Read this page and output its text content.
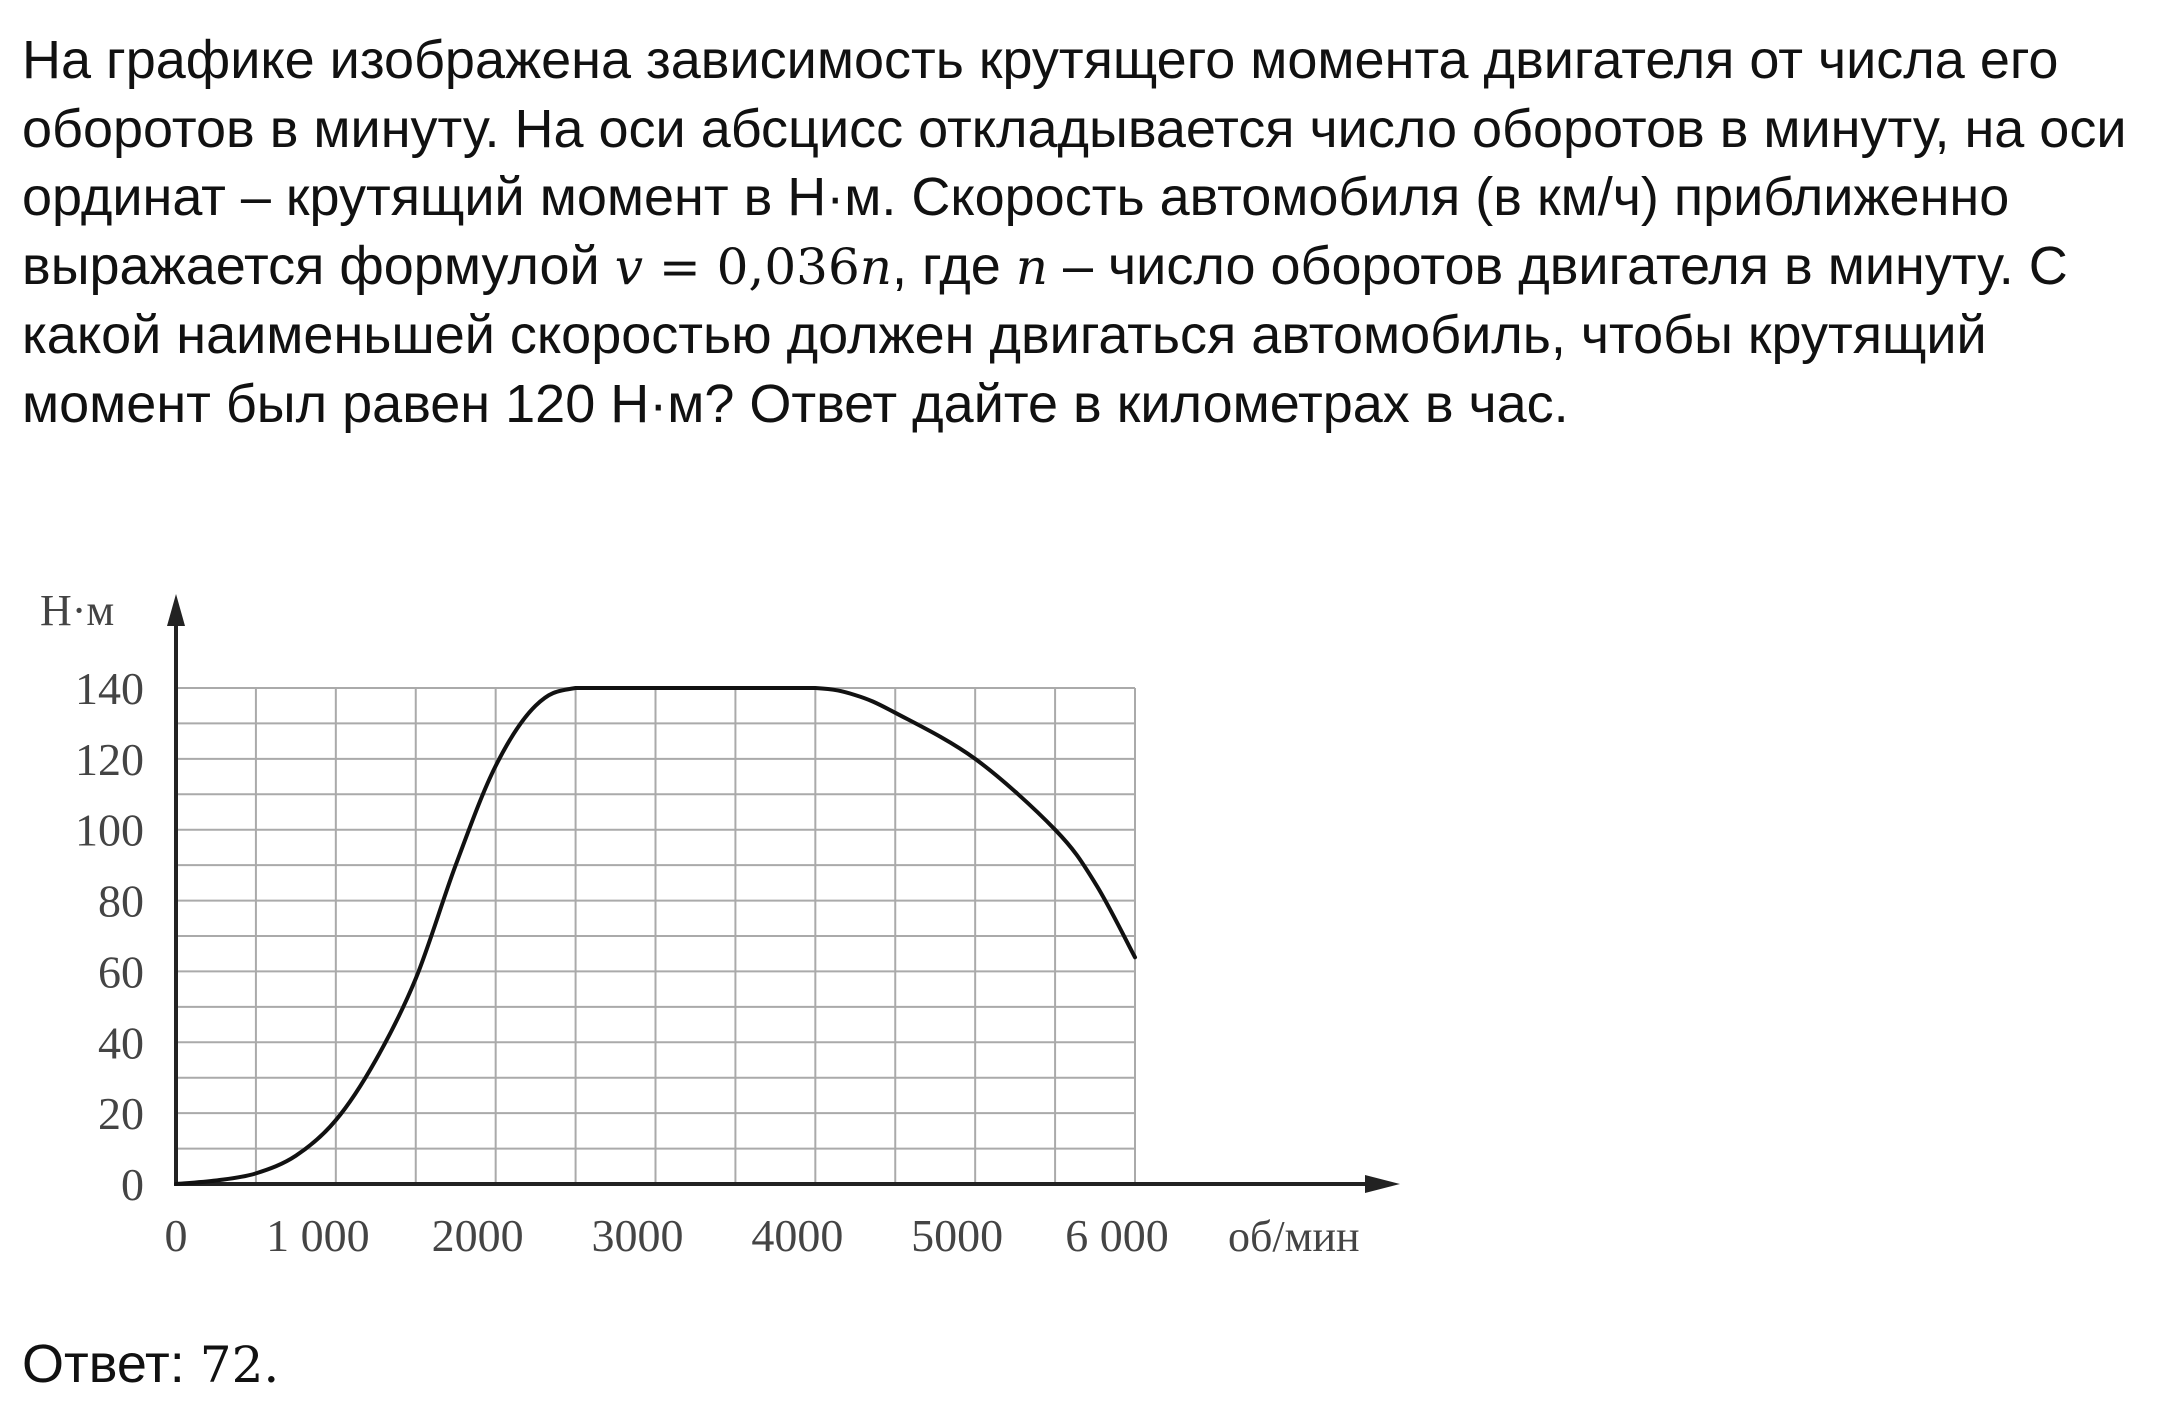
На графике изображена зависимость крутящего момента двигателя от числа его оборотов в минуту. На оси абсцисс откладывается число оборотов в минуту, на оси ординат – крутящий момент в Н·м. Скорость автомобиля (в км/ч) приближенно выражается формулой v = 0,036n, где n – число оборотов двигателя в минуту. С какой наименьшей скоростью должен двигаться автомобиль, чтобы крутящий момент был равен 120 Н·м? Ответ дайте в километрах в час.

0
20
40
60
80
100
120
140
0 1 000 2000 3000 4000 5000 6 000
Н·м
об/мин

Ответ: 72.
